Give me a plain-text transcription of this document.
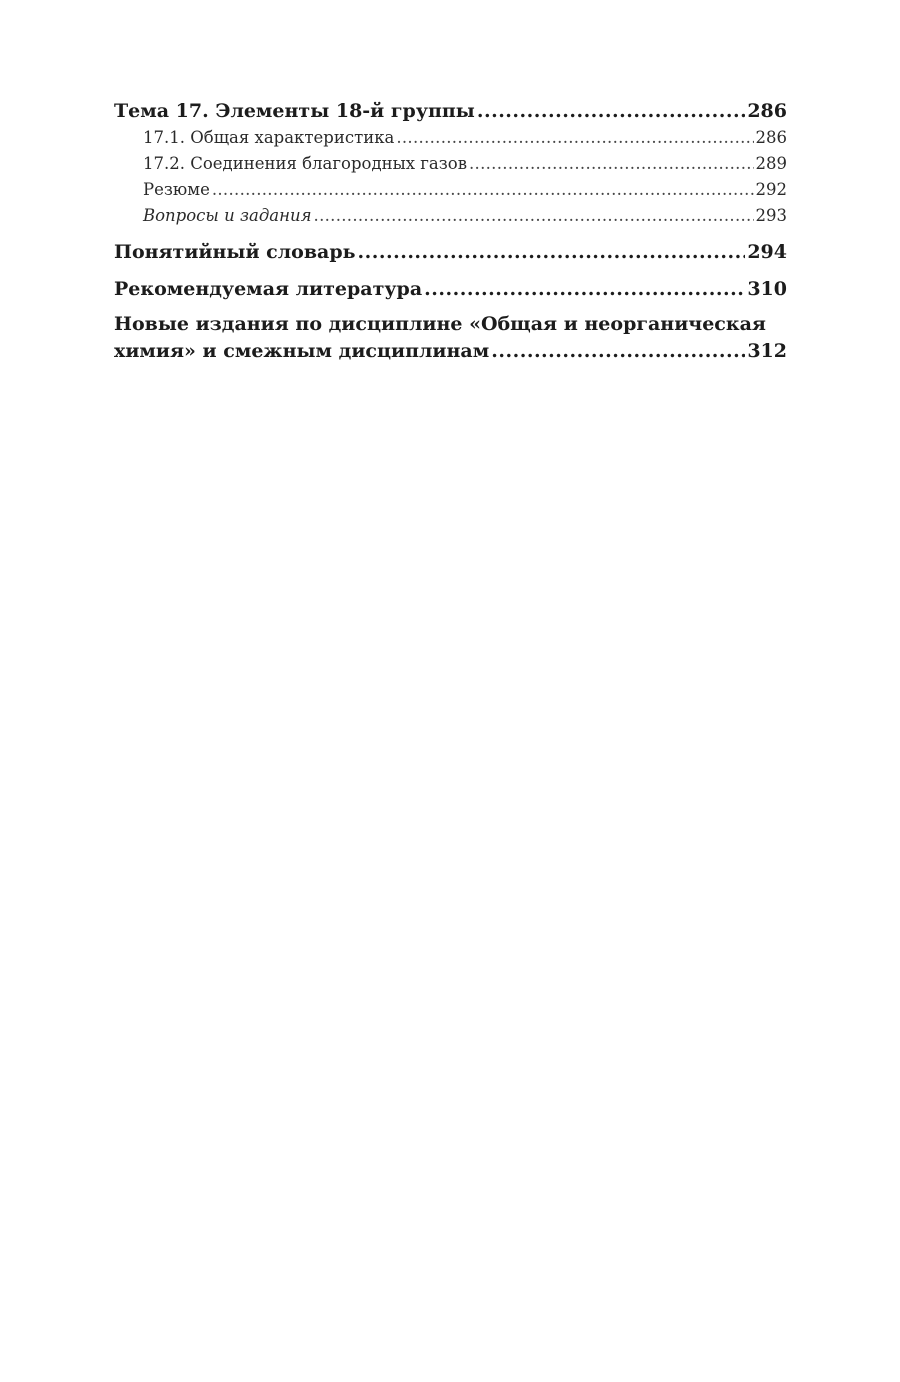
Тема 17. Элементы 18-й группы .....	286
17.1. Общая характеристика .....	286
17.2. Соединения благородных газов .....	289
Резюме .....	292
Вопросы и задания .....	293
Понятийный словарь .....	294
Рекомендуемая литература .....	310
Новые издания по дисциплине «Общая и неорганическая
химия» и смежным дисциплинам .....	312
